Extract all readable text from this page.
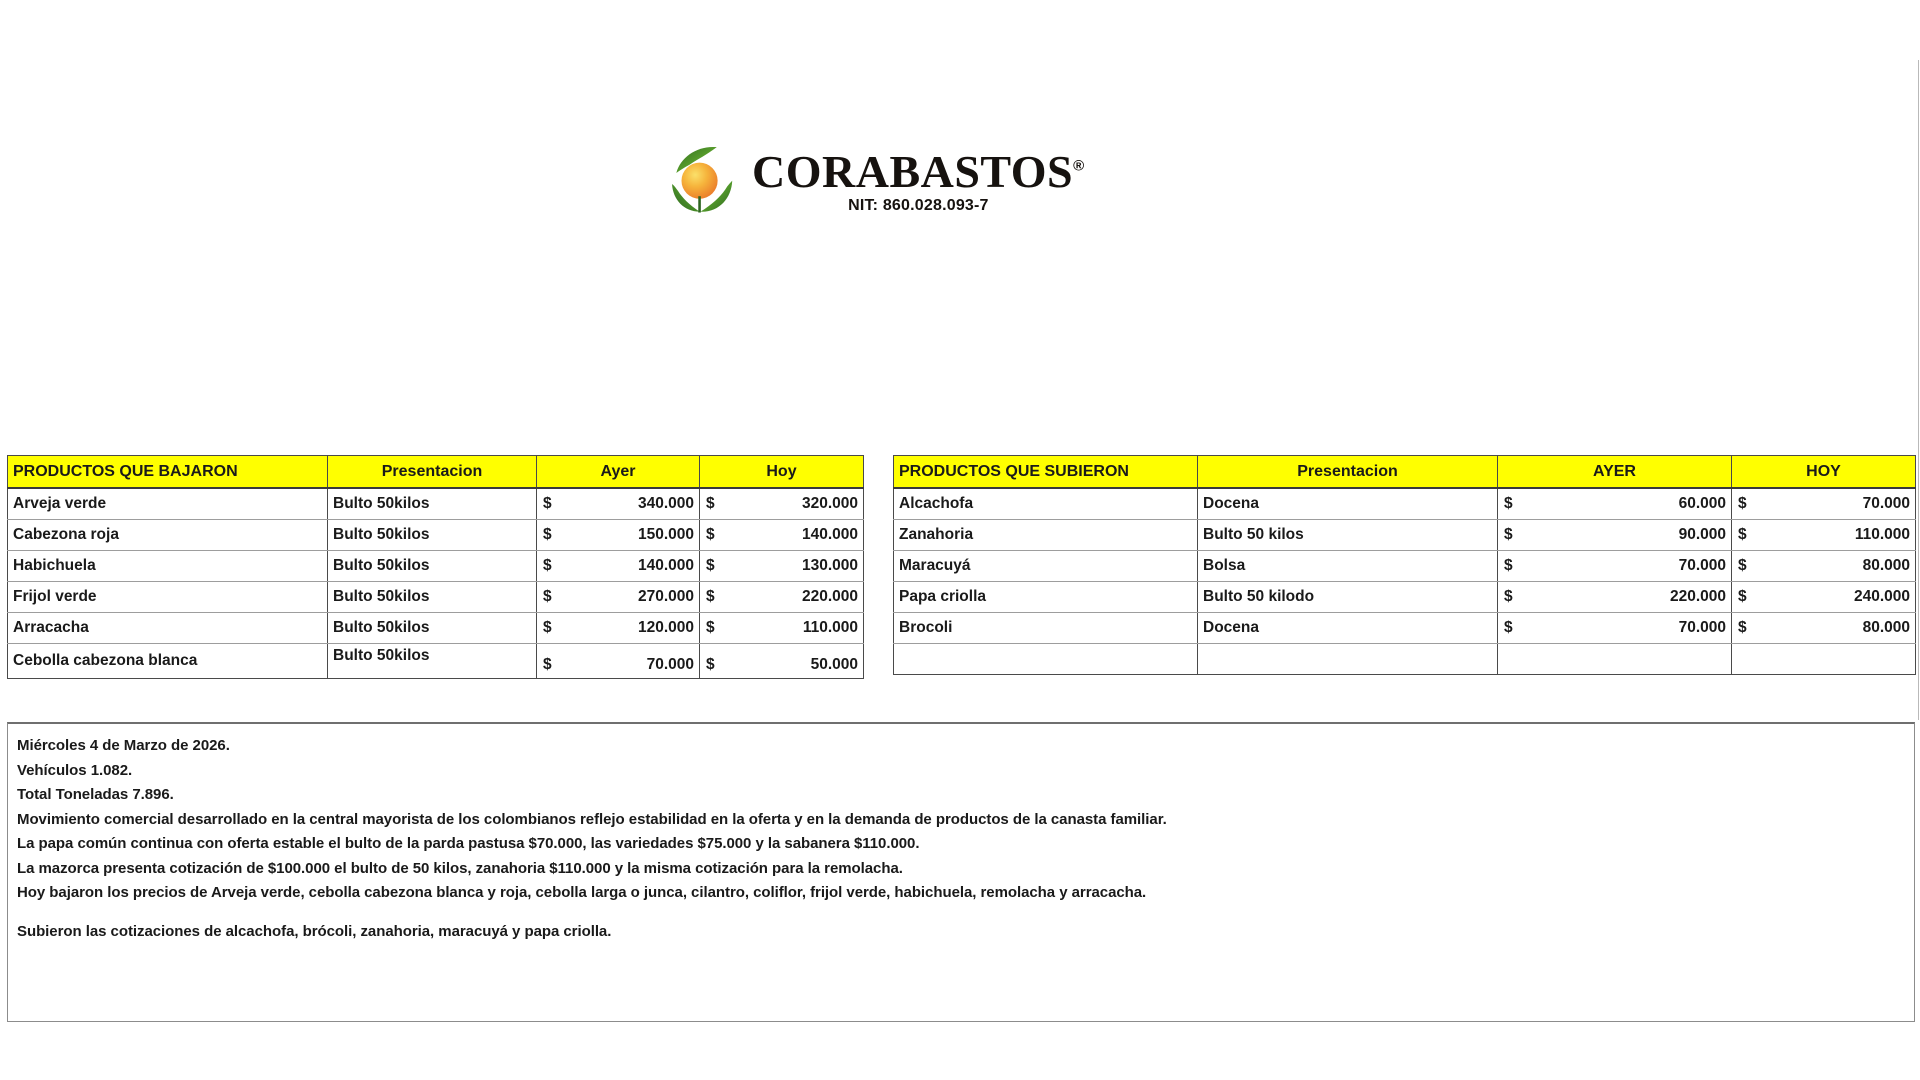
CORABASTOS®
NIT: 860.028.093-7
PRODUCTOS QUE BAJARON	Presentacion	Ayer	Hoy
Arveja verde	Bulto 50kilos	$ 340.000	$ 320.000
Cabezona roja	Bulto 50kilos	$ 150.000	$ 140.000
Habichuela	Bulto 50kilos	$ 140.000	$ 130.000
Frijol verde	Bulto 50kilos	$ 270.000	$ 220.000
Arracacha	Bulto 50kilos	$ 120.000	$ 110.000
Cebolla cabezona blanca	Bulto 50kilos	$ 70.000	$ 50.000
PRODUCTOS QUE SUBIERON	Presentacion	AYER	HOY
Alcachofa	Docena	$ 60.000	$ 70.000
Zanahoria	Bulto 50 kilos	$ 90.000	$ 110.000
Maracuyá	Bolsa	$ 70.000	$ 80.000
Papa criolla	Bulto 50 kilodo	$ 220.000	$ 240.000
Brocoli	Docena	$ 70.000	$ 80.000

Miércoles 4 de Marzo de 2026.
Vehículos 1.082.
Total Toneladas 7.896.
Movimiento comercial desarrollado en la central mayorista de los colombianos reflejo estabilidad en la oferta y en la demanda de productos de la canasta familiar.
La papa común continua con oferta estable el bulto de la parda pastusa $70.000, las variedades $75.000 y la sabanera $110.000.
La mazorca presenta cotización de $100.000 el bulto de 50 kilos, zanahoria $110.000 y la misma cotización para la remolacha.
Hoy bajaron los precios de Arveja verde, cebolla cabezona blanca y roja, cebolla larga o junca, cilantro, coliflor, frijol verde, habichuela, remolacha y arracacha.
Subieron las cotizaciones de alcachofa, brócoli, zanahoria, maracuyá y papa criolla.
